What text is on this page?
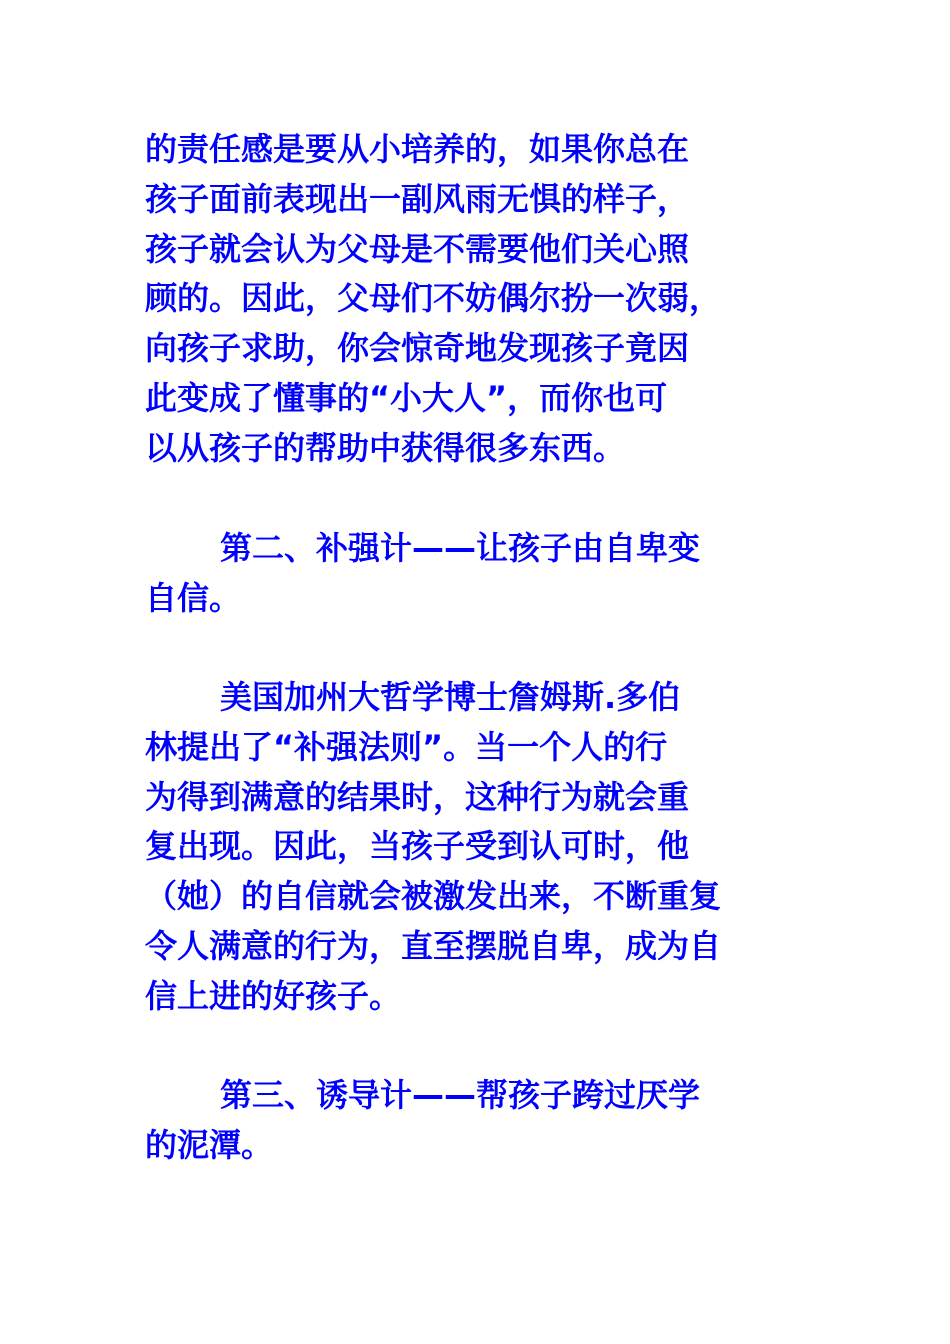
的责任感是要从小培养的，如果你总在
孩子面前表现出一副风雨无惧的样子，
孩子就会认为父母是不需要他们关心照
顾的。因此，父母们不妨偶尔扮一次弱，
向孩子求助，你会惊奇地发现孩子竟因
此变成了懂事的“小大人”，而你也可
以从孩子的帮助中获得很多东西。
第二、补强计——让孩子由自卑变
自信。
美国加州大哲学博士詹姆斯.多伯
林提出了“补强法则”。当一个人的行
为得到满意的结果时，这种行为就会重
复出现。因此，当孩子受到认可时，他
（她）的自信就会被激发出来，不断重复
令人满意的行为，直至摆脱自卑，成为自
信上进的好孩子。
第三、诱导计——帮孩子跨过厌学
的泥潭。
